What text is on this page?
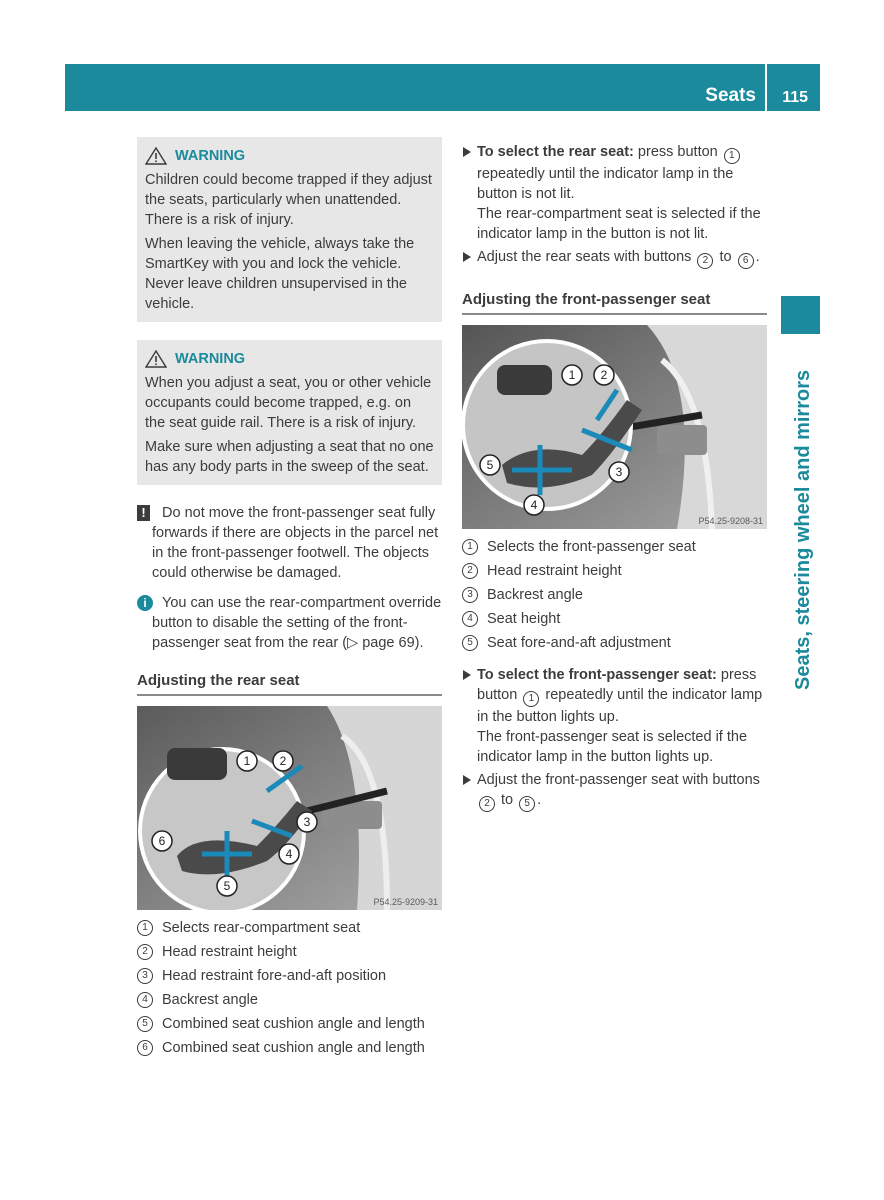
Seats 115
Seats, steering wheel and mirrors
WARNING

Children could become trapped if they adjust the seats, particularly when unattended. There is a risk of injury.

When leaving the vehicle, always take the SmartKey with you and lock the vehicle. Never leave children unsupervised in the vehicle.

WARNING

When you adjust a seat, you or other vehicle occupants could become trapped, e.g. on the seat guide rail. There is a risk of injury.

Make sure when adjusting a seat that no one has any body parts in the sweep of the seat.

!	Do not move the front-passenger seat fully forwards if there are objects in the parcel net in the front-passenger footwell. The objects could otherwise be damaged.
i	You can use the rear-compartment override button to disable the setting of the front-passenger seat from the rear (▷ page 69).
Adjusting the rear seat
1 2
3
4
5
6
P54.25-9209-31
1 Selects rear-compartment seat
2 Head restraint height
3 Head restraint fore-and-aft position
4 Backrest angle
5 Combined seat cushion angle and length
6 Combined seat cushion angle and length
To select the rear seat: press button 1 repeatedly until the indicator lamp in the button is not lit.
The rear-compartment seat is selected if the indicator lamp in the button is not lit.
Adjust the rear seats with buttons 2 to 6 .
Adjusting the front-passenger seat
1 2
3
4
5
P54.25-9208-31
1 Selects the front-passenger seat
2 Head restraint height
3 Backrest angle
4 Seat height
5 Seat fore-and-aft adjustment
To select the front-passenger seat: press button 1 repeatedly until the indicator lamp in the button lights up.
The front-passenger seat is selected if the indicator lamp in the button lights up.
Adjust the front-passenger seat with buttons 2 to 5 .
